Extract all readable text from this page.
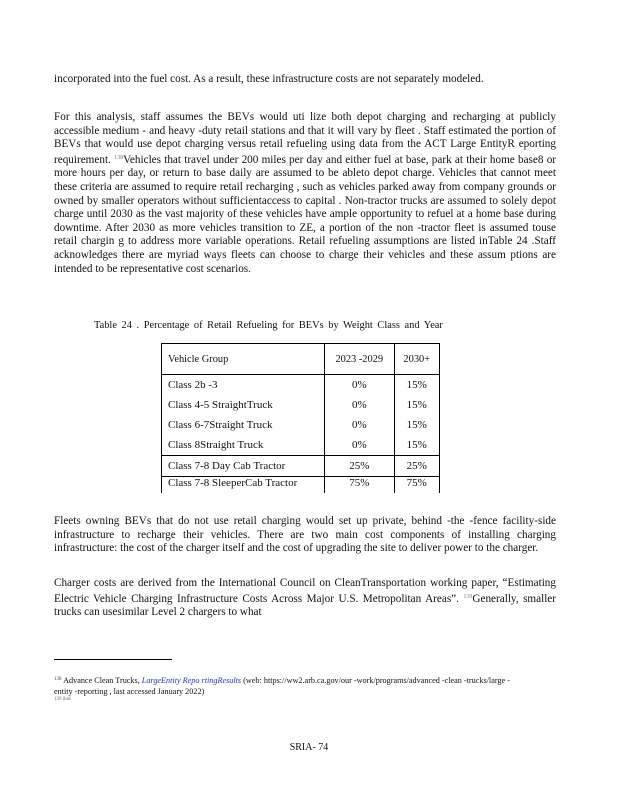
incorporated into the fuel cost. As a result, these infrastructure costs are not separately modeled.

For this analysis, staff assumes the BEVs would uti lize both depot charging and recharging at publicly accessible medium - and heavy -duty retail stations and that it will vary by fleet . Staff estimated the portion of BEVs that would use depot charging versus retail refueling using data from the ACT Large EntityR eporting requirement. $^{138}$Vehicles that travel under 200 miles per day and either fuel at base, park at their home base8 or more hours per day, or return to base daily are assumed to be ableto depot charge. Vehicles that cannot meet these criteria are assumed to require retail recharging , such as vehicles parked away from company grounds or owned by smaller operators without sufficientaccess to capital . Non-tractor trucks are assumed to solely depot charge until 2030 as the vast majority of these vehicles have ample opportunity to refuel at a home base during downtime. After 2030 as more vehicles transition to ZE, a portion of the non -tractor fleet is assumed touse retail chargin g to address more variable operations. Retail refueling assumptions are listed inTable 24 .Staff acknowledges there are myriad ways fleets can choose to charge their vehicles and these assum ptions are intended to be representative cost scenarios.

Table 24 . Percentage of Retail Refueling for BEVs by Weight Class and Year
Vehicle Group	2023 -2029	2030+
Class 2b -3	0%	15%
Class 4-5 StraightTruck	0%	15%
Class 6-7Straight Truck	0%	15%
Class 8Straight Truck	0%	15%
Class 7-8 Day Cab Tractor	25%	25%
Class 7-8 SleeperCab Tractor	75%	75%

Fleets owning BEVs that do not use retail charging would set up private, behind -the -fence facility-side infrastructure to recharge their vehicles. There are two main cost components of installing charging infrastructure: the cost of the charger itself and the cost of upgrading the site to deliver power to the charger.

Charger costs are derived from the International Council on CleanTransportation working paper, “Estimating Electric Vehicle Charging Infrastructure Costs Across Major U.S. Metropolitan Areas”. $^{139}$Generally, smaller trucks can usesimilar Level 2 chargers to what

$^{138}$ Advance Clean Trucks, LargeEntity Repo rtingResults (web: https://ww2.arb.ca.gov/our -work/programs/advanced -clean -trucks/large -entity -reporting , last accessed January 2022)
139 ibid
SRIA- 74
